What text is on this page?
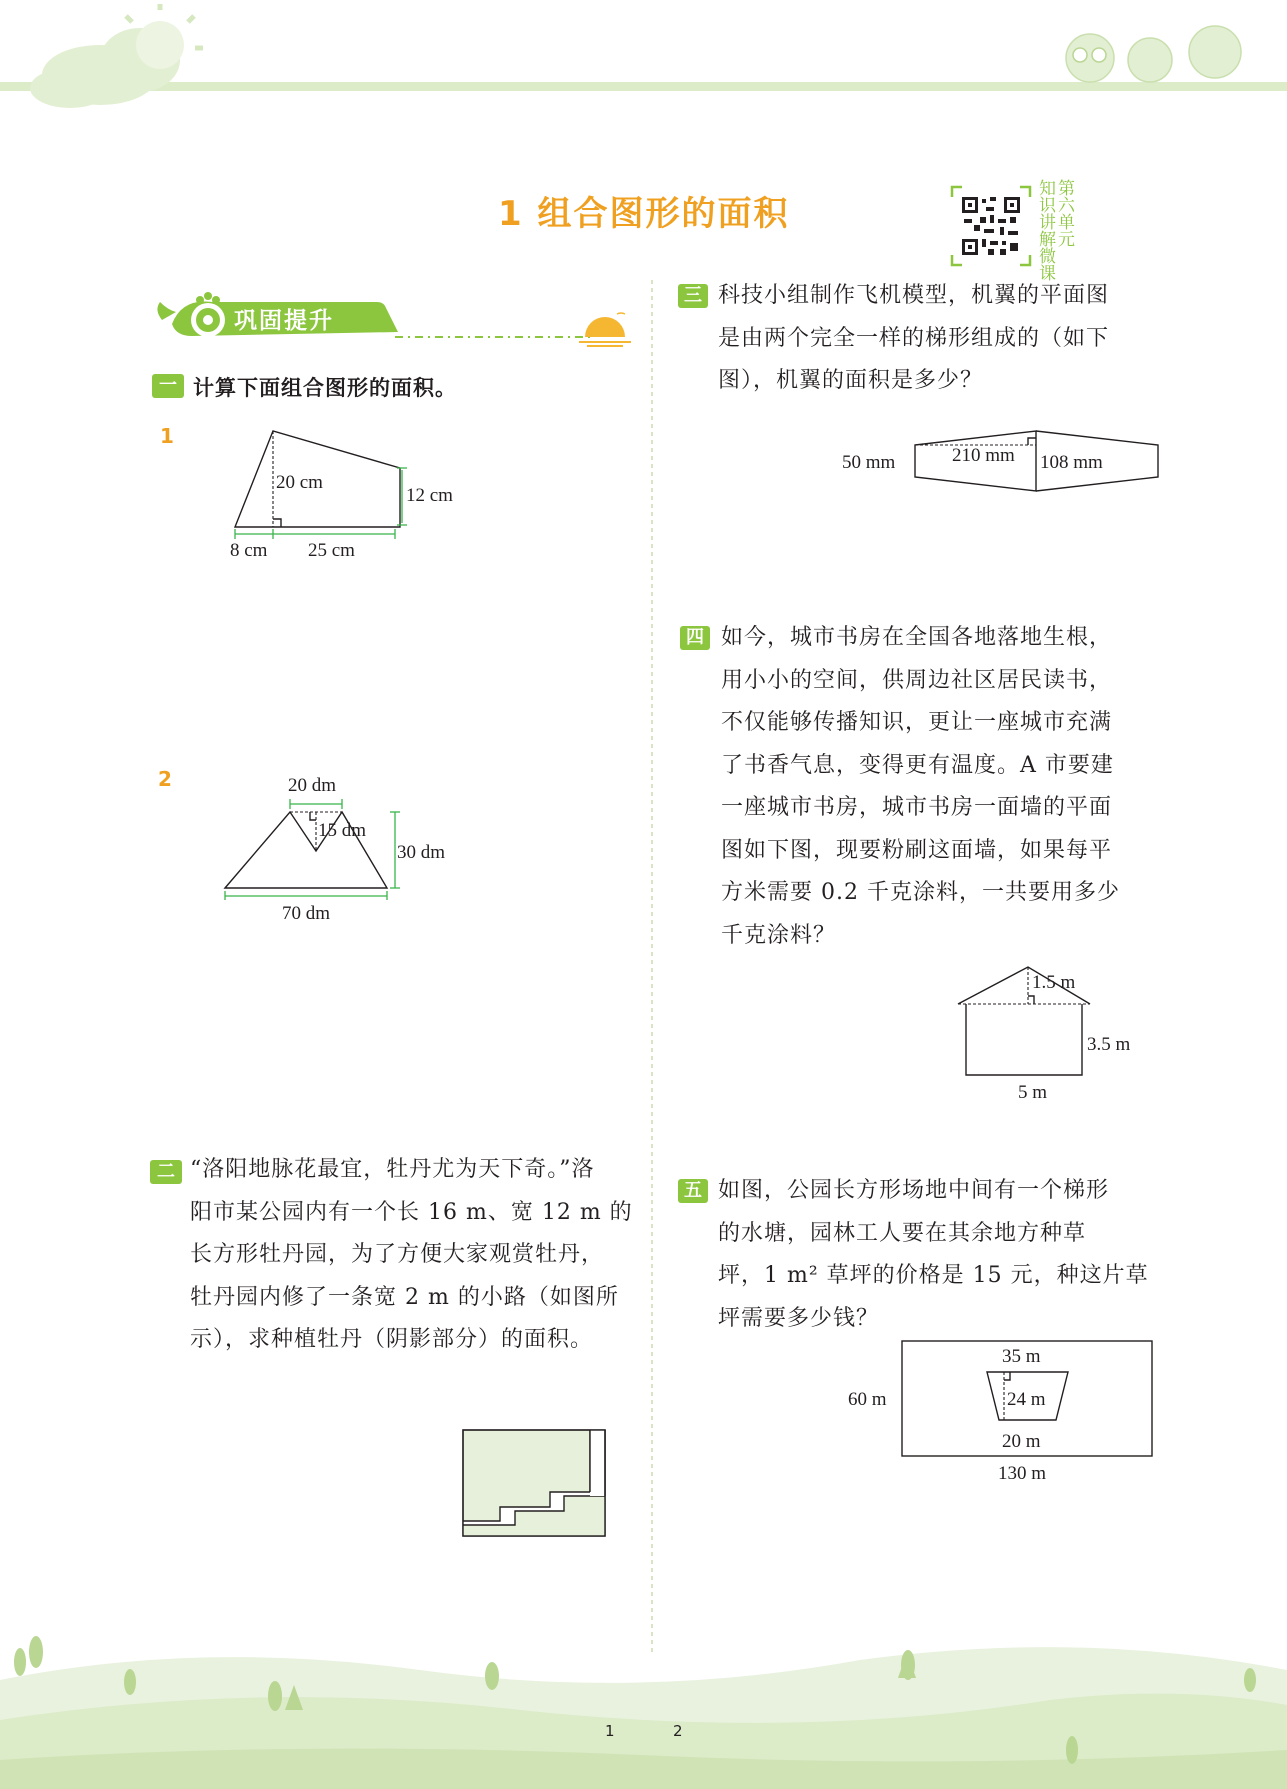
1 组合图形的面积
知识讲解微课
第六单元
巩固提升
一 计算下面组合图形的面积。
1
20 cm
12 cm
8 cm 25 cm
2	20 dm
15 dm
30 dm
70 dm
二 “洛阳地脉花最宜，牡丹尤为天下奇。”洛
阳市某公园内有一个长 16 m、宽 12 m 的
长方形牡丹园，为了方便大家观赏牡丹，
牡丹园内修了一条宽 2 m 的小路（如图所
示），求种植牡丹（阴影部分）的面积。
三 科技小组制作飞机模型，机翼的平面图
是由两个完全一样的梯形组成的（如下
图），机翼的面积是多少？
50 mm	210 mm 108 mm
四 如今，城市书房在全国各地落地生根，
用小小的空间，供周边社区居民读书，
不仅能够传播知识，更让一座城市充满
了书香气息，变得更有温度。A 市要建
一座城市书房，城市书房一面墙的平面
图如下图，现要粉刷这面墙，如果每平
方米需要 0.2 千克涂料，一共要用多少
千克涂料？
1.5 m
3.5 m
5 m
五 如图，公园长方形场地中间有一个梯形
的水塘，园林工人要在其余地方种草
坪，1 m² 草坪的价格是 15 元，种这片草
坪需要多少钱？
35 m
24 m
20 m
60 m
130 m
1	2
